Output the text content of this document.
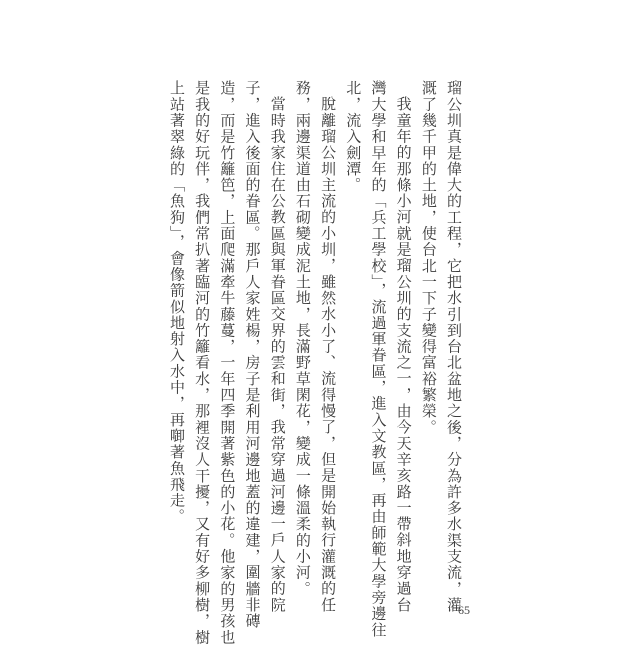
瑠公圳真是偉大的工程，它把水引到台北盆地之後，分為許多水渠支流，灌
溉了幾千甲的土地，使台北一下子變得富裕繁榮。
我童年的那條小河就是瑠公圳的支流之一，由今天辛亥路一帶斜地穿過台
灣大學和早年的「兵工學校」，流過軍眷區，進入文教區，再由師範大學旁邊往
北，流入劍潭。
脫離瑠公圳主流的小圳，雖然水小了、流得慢了，但是開始執行灌溉的任
務，兩邊渠道由石砌變成泥土地，長滿野草閑花，變成一條溫柔的小河。
當時我家住在公教區與軍眷區交界的雲和街，我常穿過河邊一戶人家的院
子，進入後面的眷區。那戶人家姓楊，房子是利用河邊地蓋的違建，圍牆非磚
造，而是竹籬笆，上面爬滿牽牛藤蔓，一年四季開著紫色的小花。他家的男孩也
是我的好玩伴，我們常扒著臨河的竹籬看水，那裡沒人干擾，又有好多柳樹，樹
上站著翠綠的「魚狗」，會像箭似地射入水中，再啣著魚飛走。
65
